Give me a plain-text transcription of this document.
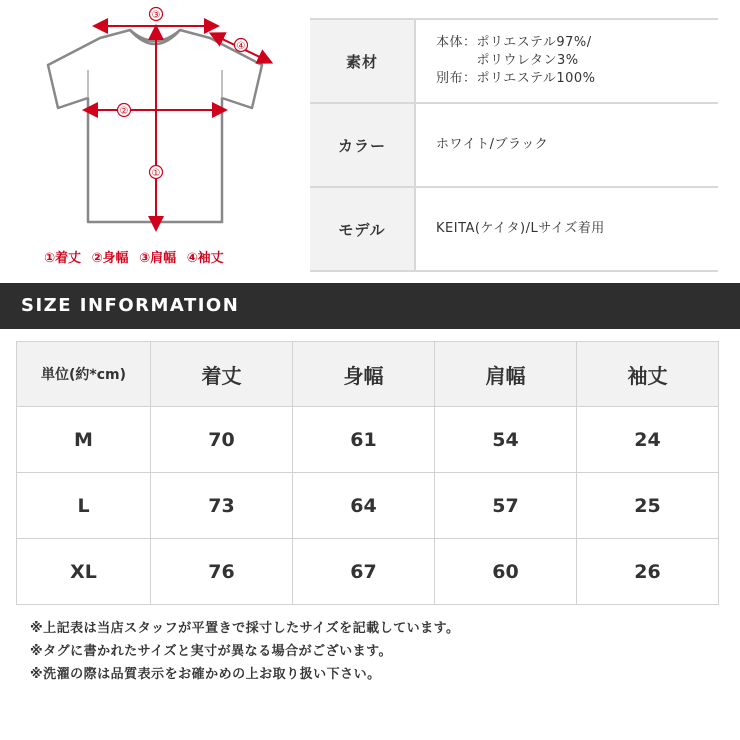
③
④
②
①
①着丈 ②身幅 ③肩幅 ④袖丈
素材	本体：ポリエステル97%/
　　　ポリウレタン3%
別布：ポリエステル100%

カラー	ホワイト/ブラック

モデル	KEITA(ケイタ)/Lサイズ着用
SIZE INFORMATION
単位(約*cm)	着丈	身幅	肩幅	袖丈
M	70	61	54	24
L	73	64	57	25
XL	76	67	60	26
※上記表は当店スタッフが平置きで採寸したサイズを記載しています。
※タグに書かれたサイズと実寸が異なる場合がございます。
※洗濯の際は品質表示をお確かめの上お取り扱い下さい。
